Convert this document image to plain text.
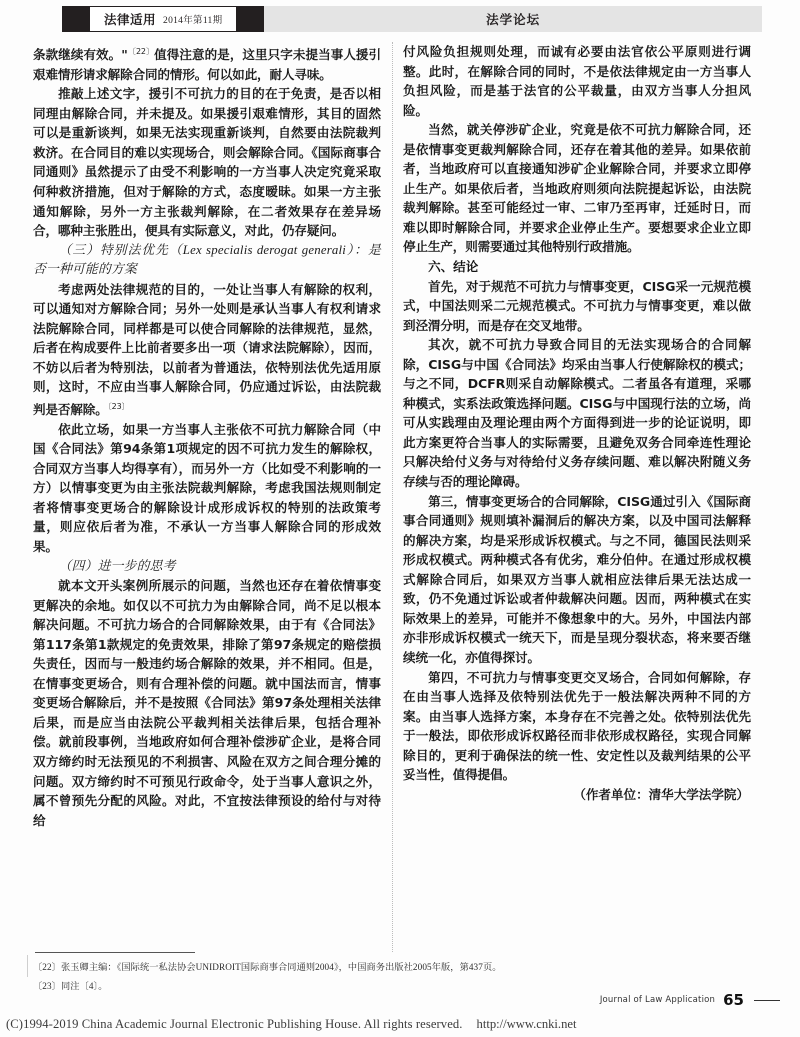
法律适用 2014年第11期	法学论坛

条款继续有效。"$^{〔22〕}$值得注意的是，这里只字未提当事人援引艰难情形请求解除合同的情形。何以如此，耐人寻味。

推敲上述文字，援引不可抗力的目的在于免责，是否以相同理由解除合同，并未提及。如果援引艰难情形，其目的固然可以是重新谈判，如果无法实现重新谈判，自然要由法院裁判救济。在合同目的难以实现场合，则会解除合同。《国际商事合同通则》虽然提示了由受不利影响的一方当事人决定究竟采取何种救济措施，但对于解除的方式，态度暧昧。如果一方主张通知解除，另外一方主张裁判解除，在二者效果存在差异场合，哪种主张胜出，便具有实际意义，对此，仍存疑问。

（三）特别法优先（Lex specialis derogat generali）：是否一种可能的方案

考虑两处法律规范的目的，一处让当事人有解除的权利，可以通知对方解除合同；另外一处则是承认当事人有权利请求法院解除合同，同样都是可以使合同解除的法律规范，显然，后者在构成要件上比前者要多出一项（请求法院解除），因而，不妨以后者为特别法，以前者为普通法，依特别法优先适用原则，这时，不应由当事人解除合同，仍应通过诉讼，由法院裁判是否解除。$^{〔23〕}$

依此立场，如果一方当事人主张依不可抗力解除合同（中国《合同法》第94条第1项规定的因不可抗力发生的解除权，合同双方当事人均得享有），而另外一方（比如受不利影响的一方）以情事变更为由主张法院裁判解除，考虑我国法规则制定者将情事变更场合的解除设计成形成诉权的特别的法政策考量，则应依后者为准，不承认一方当事人解除合同的形成效果。

（四）进一步的思考

就本文开头案例所展示的问题，当然也还存在着依情事变更解决的余地。如仅以不可抗力为由解除合同，尚不足以根本解决问题。不可抗力场合的合同解除效果，由于有《合同法》第117条第1款规定的免责效果，排除了第97条规定的赔偿损失责任，因而与一般违约场合解除的效果，并不相同。但是，在情事变更场合，则有合理补偿的问题。就中国法而言，情事变更场合解除后，并不是按照《合同法》第97条处理相关法律后果，而是应当由法院公平裁判相关法律后果，包括合理补偿。就前段事例，当地政府如何合理补偿涉矿企业，是将合同双方缔约时无法预见的不利损害、风险在双方之间合理分摊的问题。双方缔约时不可预见行政命令，处于当事人意识之外，属不曾预先分配的风险。对此，不宜按法律预设的给付与对待给

付风险负担规则处理，而诚有必要由法官依公平原则进行调整。此时，在解除合同的同时，不是依法律规定由一方当事人负担风险，而是基于法官的公平裁量，由双方当事人分担风险。

当然，就关停涉矿企业，究竟是依不可抗力解除合同，还是依情事变更裁判解除合同，还存在着其他的差异。如果依前者，当地政府可以直接通知涉矿企业解除合同，并要求立即停止生产。如果依后者，当地政府则须向法院提起诉讼，由法院裁判解除。甚至可能经过一审、二审乃至再审，迁延时日，而难以即时解除合同，并要求企业停止生产。要想要求企业立即停止生产，则需要通过其他特别行政措施。

六、结论

首先，对于规范不可抗力与情事变更，CISG采一元规范模式，中国法则采二元规范模式。不可抗力与情事变更，难以做到泾渭分明，而是存在交叉地带。

其次，就不可抗力导致合同目的无法实现场合的合同解除，CISG与中国《合同法》均采由当事人行使解除权的模式；与之不同，DCFR则采自动解除模式。二者虽各有道理，采哪种模式，实系法政策选择问题。CISG与中国现行法的立场，尚可从实践理由及理论理由两个方面得到进一步的论证说明，即此方案更符合当事人的实际需要，且避免双务合同牵连性理论只解决给付义务与对待给付义务存续问题、难以解决附随义务存续与否的理论障碍。

第三，情事变更场合的合同解除，CISG通过引入《国际商事合同通则》规则填补漏洞后的解决方案，以及中国司法解释的解决方案，均是采形成诉权模式。与之不同，德国民法则采形成权模式。两种模式各有优劣，难分伯仲。在通过形成权模式解除合同后，如果双方当事人就相应法律后果无法达成一致，仍不免通过诉讼或者仲裁解决问题。因而，两种模式在实际效果上的差异，可能并不像想象中的大。另外，中国法内部亦非形成诉权模式一统天下，而是呈现分裂状态，将来要否继续统一化，亦值得探讨。

第四，不可抗力与情事变更交叉场合，合同如何解除，存在由当事人选择及依特别法优先于一般法解决两种不同的方案。由当事人选择方案，本身存在不完善之处。依特别法优先于一般法，即依形成诉权路径而非依形成权路径，实现合同解除目的，更利于确保法的统一性、安定性以及裁判结果的公平妥当性，值得提倡。

（作者单位：清华大学法学院）

〔22〕张玉卿主编：《国际统一私法协会UNIDROIT国际商事合同通则2004》，中国商务出版社2005年版，第437页。

〔23〕同注〔4〕。

Journal of Law Application 65
(C)1994-2019 China Academic Journal Electronic Publishing House. All rights reserved. http://www.cnki.net
